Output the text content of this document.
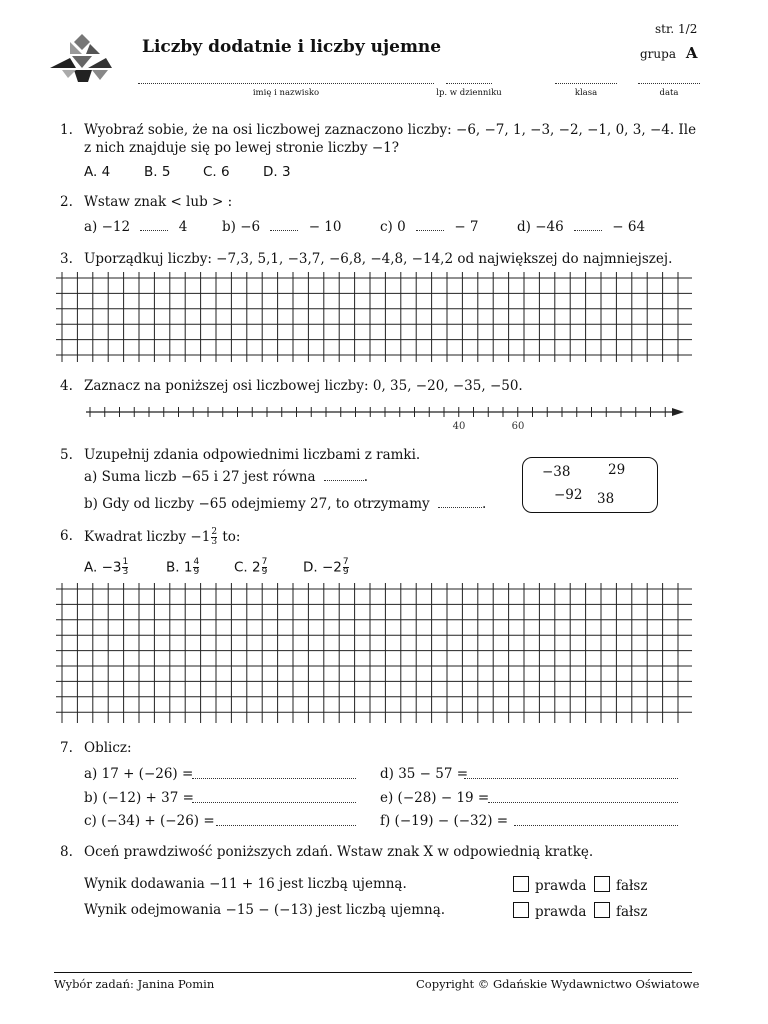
Liczby dodatnie i liczby ujemne
str. 1/2
grupa A
imię i nazwisko	lp. w dzienniku	klasa	data
1. Wyobraź sobie, że na osi liczbowej zaznaczono liczby: −6, −7, 1, −3, −2, −1, 0, 3, −4. Ile
z nich znajduje się po lewej stronie liczby −1?
A. 4	B. 5 C. 6 D. 3
2. Wstaw znak < lub > :
a) −12	4	b) −6	− 10	c) 0	− 7	d) −46	− 64
3. Uporządkuj liczby: −7,3, 5,1, −3,7, −6,8, −4,8, −14,2 od największej do najmniejszej.
4. Zaznacz na poniższej osi liczbowej liczby: 0, 35, −20, −35, −50.
40	60
5. Uzupełnij zdania odpowiednimi liczbami z ramki.
a) Suma liczb −65 i 27 jest równa	.
b) Gdy od liczby −65 odejmiemy 27, to otrzymamy	.
−38	29
−92 38
6. Kwadrat liczby $-1 \frac{2}{3}$ to:
A. $-3 \frac{1}{3}$	B. $1 \frac{4}{9}$	C. $2 \frac{7}{9}$	D. $-2 \frac{7}{9}$
7. Oblicz:
a) 17 + (−26) =	d) 35 − 57 =
b) (−12) + 37 =	e) (−28) − 19 =
c) (−34) + (−26) =	f) (−19) − (−32) =
8. Oceń prawdziwość poniższych zdań. Wstaw znak X w odpowiednią kratkę.
Wynik dodawania −11 + 16 jest liczbą ujemną.	prawda	fałsz
Wynik odejmowania −15 − (−13) jest liczbą ujemną.	prawda	fałsz
Wybór zadań: Janina Pomin	Copyright © Gdańskie Wydawnictwo Oświatowe
